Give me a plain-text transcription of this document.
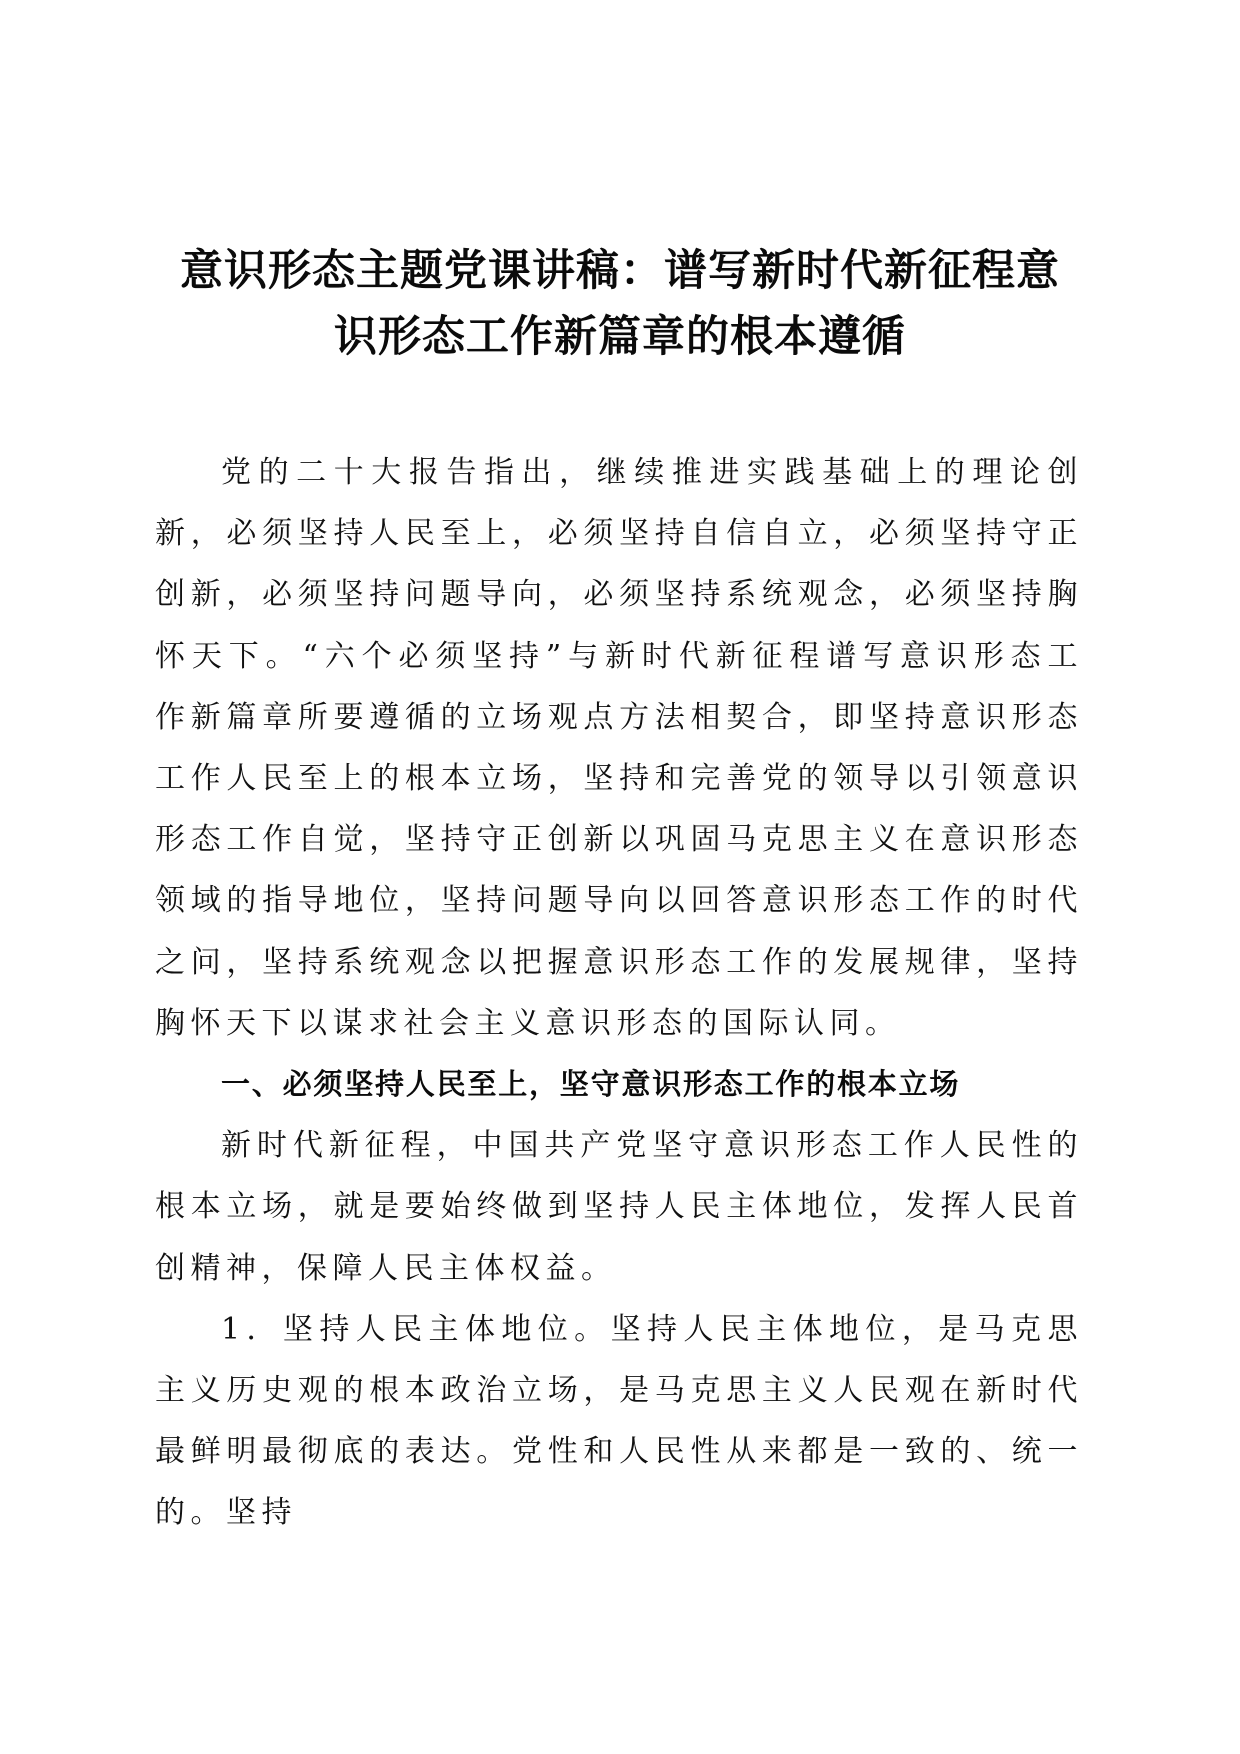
意识形态主题党课讲稿：谱写新时代新征程意
识形态工作新篇章的根本遵循

党的二十大报告指出，继续推进实践基础上的理论创新，必须坚持人民至上，必须坚持自信自立，必须坚持守正创新，必须坚持问题导向，必须坚持系统观念，必须坚持胸怀天下。“六个必须坚持”与新时代新征程谱写意识形态工作新篇章所要遵循的立场观点方法相契合，即坚持意识形态工作人民至上的根本立场，坚持和完善党的领导以引领意识形态工作自觉，坚持守正创新以巩固马克思主义在意识形态领域的指导地位，坚持问题导向以回答意识形态工作的时代之问，坚持系统观念以把握意识形态工作的发展规律，坚持胸怀天下以谋求社会主义意识形态的国际认同。

一、必须坚持人民至上，坚守意识形态工作的根本立场

新时代新征程，中国共产党坚守意识形态工作人民性的根本立场，就是要始终做到坚持人民主体地位，发挥人民首创精神，保障人民主体权益。

1．坚持人民主体地位。坚持人民主体地位，是马克思主义历史观的根本政治立场，是马克思主义人民观在新时代最鲜明最彻底的表达。党性和人民性从来都是一致的、统一的。坚持
